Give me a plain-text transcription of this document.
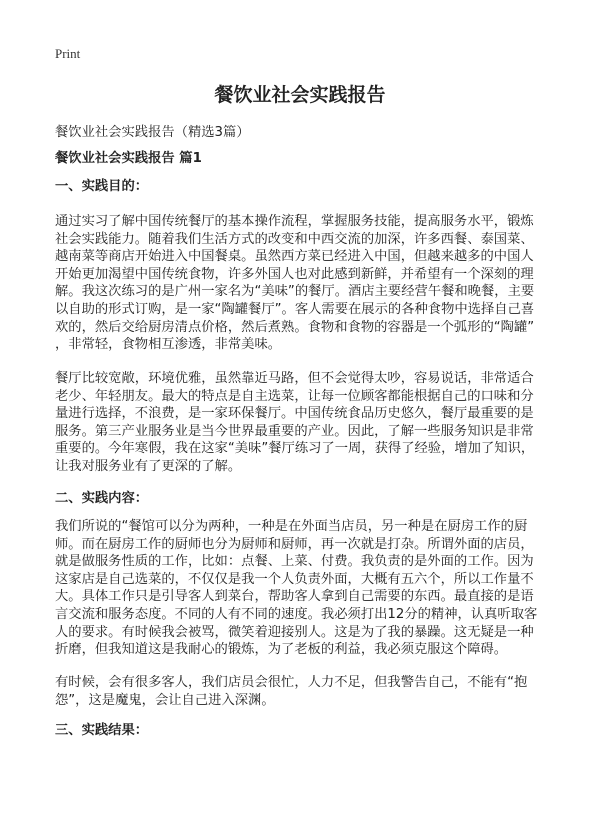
Print
餐饮业社会实践报告
餐饮业社会实践报告（精选3篇）
餐饮业社会实践报告 篇1
一、实践目的：
通过实习了解中国传统餐厅的基本操作流程，掌握服务技能，提高服务水平，锻炼
社会实践能力。随着我们生活方式的改变和中西交流的加深，许多西餐、泰国菜、
越南菜等商店开始进入中国餐桌。虽然西方菜已经进入中国，但越来越多的中国人
开始更加渴望中国传统食物，许多外国人也对此感到新鲜，并希望有一个深刻的理
解。我这次练习的是广州一家名为“美味”的餐厅。酒店主要经营午餐和晚餐，主要
以自助的形式订购，是一家“陶罐餐厅”。客人需要在展示的各种食物中选择自己喜
欢的，然后交给厨房清点价格，然后煮熟。食物和食物的容器是一个弧形的“陶罐”
，非常轻，食物相互渗透，非常美味。
餐厅比较宽敞，环境优雅，虽然靠近马路，但不会觉得太吵，容易说话，非常适合
老少、年轻朋友。最大的特点是自主选菜，让每一位顾客都能根据自己的口味和分
量进行选择，不浪费，是一家环保餐厅。中国传统食品历史悠久，餐厅最重要的是
服务。第三产业服务业是当今世界最重要的产业。因此，了解一些服务知识是非常
重要的。今年寒假，我在这家“美味”餐厅练习了一周，获得了经验，增加了知识，
让我对服务业有了更深的了解。
二、实践内容：
我们所说的“餐馆可以分为两种，一种是在外面当店员，另一种是在厨房工作的厨
师。而在厨房工作的厨师也分为厨师和厨师，再一次就是打杂。所谓外面的店员，
就是做服务性质的工作，比如：点餐、上菜、付费。我负责的是外面的工作。因为
这家店是自己选菜的，不仅仅是我一个人负责外面，大概有五六个，所以工作量不
大。具体工作只是引导客人到菜台，帮助客人拿到自己需要的东西。最直接的是语
言交流和服务态度。不同的人有不同的速度。我必须打出12分的精神，认真听取客
人的要求。有时候我会被骂，微笑着迎接别人。这是为了我的暴躁。这无疑是一种
折磨，但我知道这是我耐心的锻炼，为了老板的利益，我必须克服这个障碍。
有时候，会有很多客人，我们店员会很忙，人力不足，但我警告自己，不能有“抱
怨”，这是魔鬼，会让自己进入深渊。
三、实践结果：
